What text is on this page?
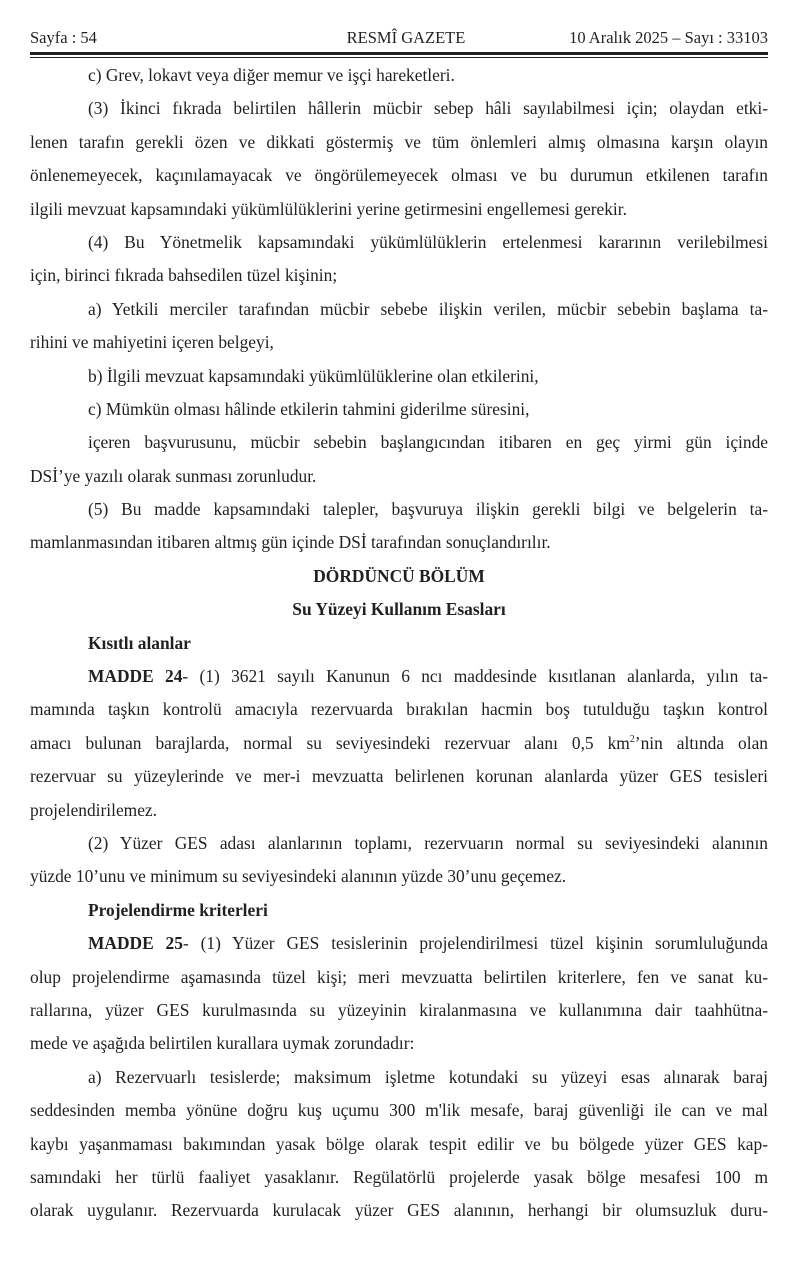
Sayfa : 54	RESMÎ GAZETE	10 Aralık 2025 – Sayı : 33103
c) Grev, lokavt veya diğer memur ve işçi hareketleri.
(3) İkinci fıkrada belirtilen hâllerin mücbir sebep hâli sayılabilmesi için; olaydan etki-
lenen tarafın gerekli özen ve dikkati göstermiş ve tüm önlemleri almış olmasına karşın olayın
önlenemeyecek, kaçınılamayacak ve öngörülemeyecek olması ve bu durumun etkilenen tarafın
ilgili mevzuat kapsamındaki yükümlülüklerini yerine getirmesini engellemesi gerekir.
(4) Bu Yönetmelik kapsamındaki yükümlülüklerin ertelenmesi kararının verilebilmesi
için, birinci fıkrada bahsedilen tüzel kişinin;
a) Yetkili merciler tarafından mücbir sebebe ilişkin verilen, mücbir sebebin başlama ta-
rihini ve mahiyetini içeren belgeyi,
b) İlgili mevzuat kapsamındaki yükümlülüklerine olan etkilerini,
c) Mümkün olması hâlinde etkilerin tahmini giderilme süresini,
içeren başvurusunu, mücbir sebebin başlangıcından itibaren en geç yirmi gün içinde
DSİ’ye yazılı olarak sunması zorunludur.
(5) Bu madde kapsamındaki talepler, başvuruya ilişkin gerekli bilgi ve belgelerin ta-
mamlanmasından itibaren altmış gün içinde DSİ tarafından sonuçlandırılır.
DÖRDÜNCÜ BÖLÜM
Su Yüzeyi Kullanım Esasları
Kısıtlı alanlar
MADDE 24- (1) 3621 sayılı Kanunun 6 ncı maddesinde kısıtlanan alanlarda, yılın ta-
mamında taşkın kontrolü amacıyla rezervuarda bırakılan hacmin boş tutulduğu taşkın kontrol
amacı bulunan barajlarda, normal su seviyesindeki rezervuar alanı 0,5 $km^2’nin$ altında olan
rezervuar su yüzeylerinde ve mer-i mevzuatta belirlenen korunan alanlarda yüzer GES tesisleri
projelendirilemez.
(2) Yüzer GES adası alanlarının toplamı, rezervuarın normal su seviyesindeki alanının
yüzde 10’unu ve minimum su seviyesindeki alanının yüzde 30’unu geçemez.
Projelendirme kriterleri
MADDE 25- (1) Yüzer GES tesislerinin projelendirilmesi tüzel kişinin sorumluluğunda
olup projelendirme aşamasında tüzel kişi; meri mevzuatta belirtilen kriterlere, fen ve sanat ku-
rallarına, yüzer GES kurulmasında su yüzeyinin kiralanmasına ve kullanımına dair taahhütna-
mede ve aşağıda belirtilen kurallara uymak zorundadır:
a) Rezervuarlı tesislerde; maksimum işletme kotundaki su yüzeyi esas alınarak baraj
seddesinden memba yönüne doğru kuş uçumu 300 m'lik mesafe, baraj güvenliği ile can ve mal
kaybı yaşanmaması bakımından yasak bölge olarak tespit edilir ve bu bölgede yüzer GES kap-
samındaki her türlü faaliyet yasaklanır. Regülatörlü projelerde yasak bölge mesafesi 100 m
olarak uygulanır. Rezervuarda kurulacak yüzer GES alanının, herhangi bir olumsuzluk duru-
